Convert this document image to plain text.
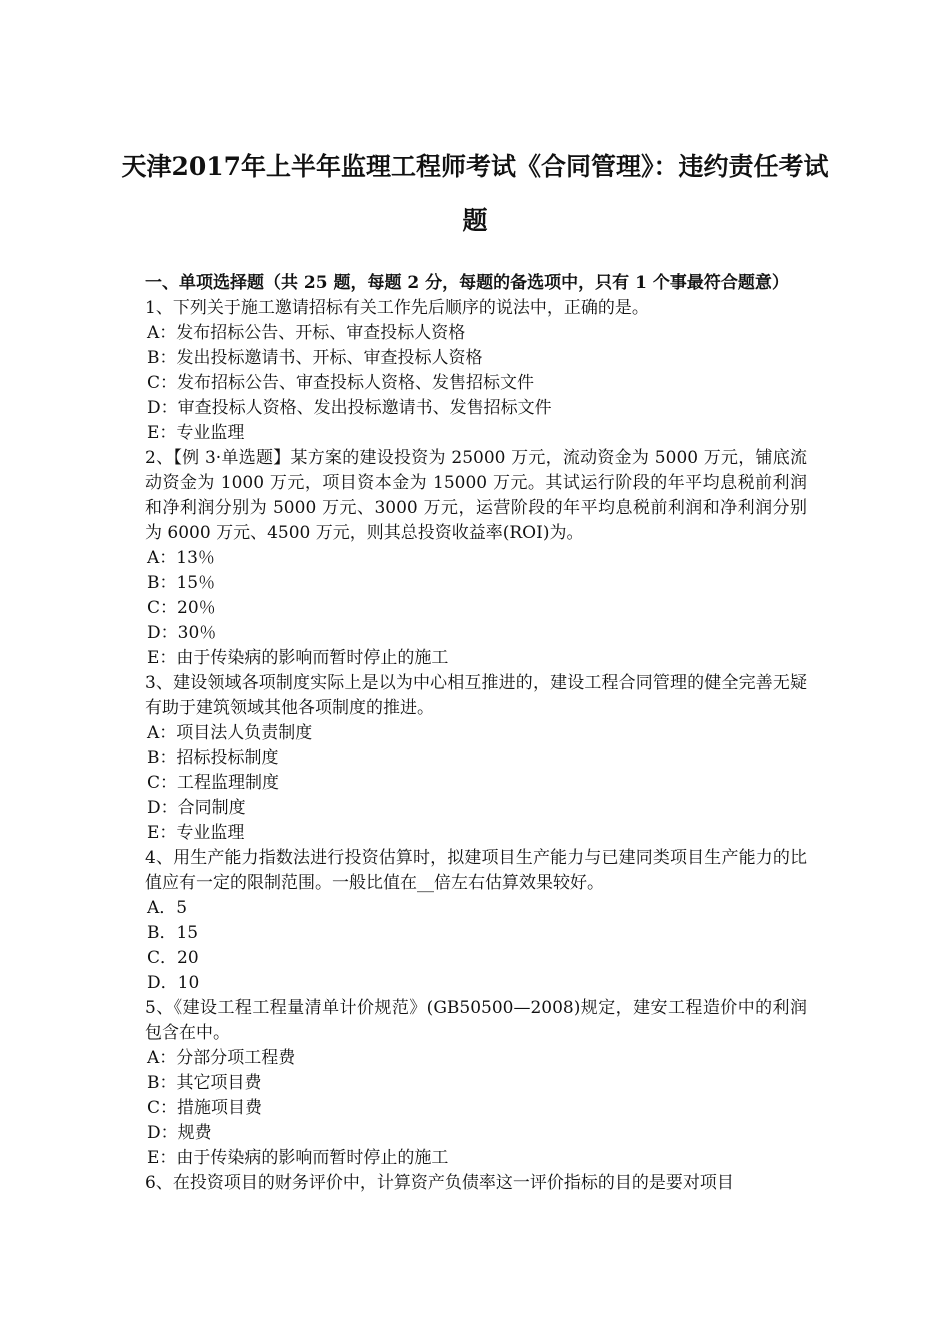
天津2017年上半年监理工程师考试《合同管理》：违约责任考试题

一、单项选择题（共 25 题，每题 2 分，每题的备选项中，只有 1 个事最符合题意）

1、下列关于施工邀请招标有关工作先后顺序的说法中，正确的是。

A：发布招标公告、开标、审查投标人资格
B：发出投标邀请书、开标、审查投标人资格
C：发布招标公告、审查投标人资格、发售招标文件
D：审查投标人资格、发出投标邀请书、发售招标文件
E：专业监理

2、【例 3·单选题】某方案的建设投资为 25000 万元，流动资金为 5000 万元，铺底流动资金为 1000 万元，项目资本金为 15000 万元。其试运行阶段的年平均息税前利润和净利润分别为 5000 万元、3000 万元，运营阶段的年平均息税前利润和净利润分别为 6000 万元、4500 万元，则其总投资收益率(ROI)为。

A：13％
B：15％
C：20％
D：30％
E：由于传染病的影响而暂时停止的施工

3、建设领域各项制度实际上是以为中心相互推进的，建设工程合同管理的健全完善无疑有助于建筑领域其他各项制度的推进。

A：项目法人负责制度
B：招标投标制度
C：工程监理制度
D：合同制度
E：专业监理

4、用生产能力指数法进行投资估算时，拟建项目生产能力与已建同类项目生产能力的比值应有一定的限制范围。一般比值在__倍左右估算效果较好。

A．5
B．15
C．20
D．10

5、《建设工程工程量清单计价规范》(GB50500—2008)规定，建安工程造价中的利润包含在中。

A：分部分项工程费
B：其它项目费
C：措施项目费
D：规费
E：由于传染病的影响而暂时停止的施工

6、在投资项目的财务评价中，计算资产负债率这一评价指标的目的是要对项目
